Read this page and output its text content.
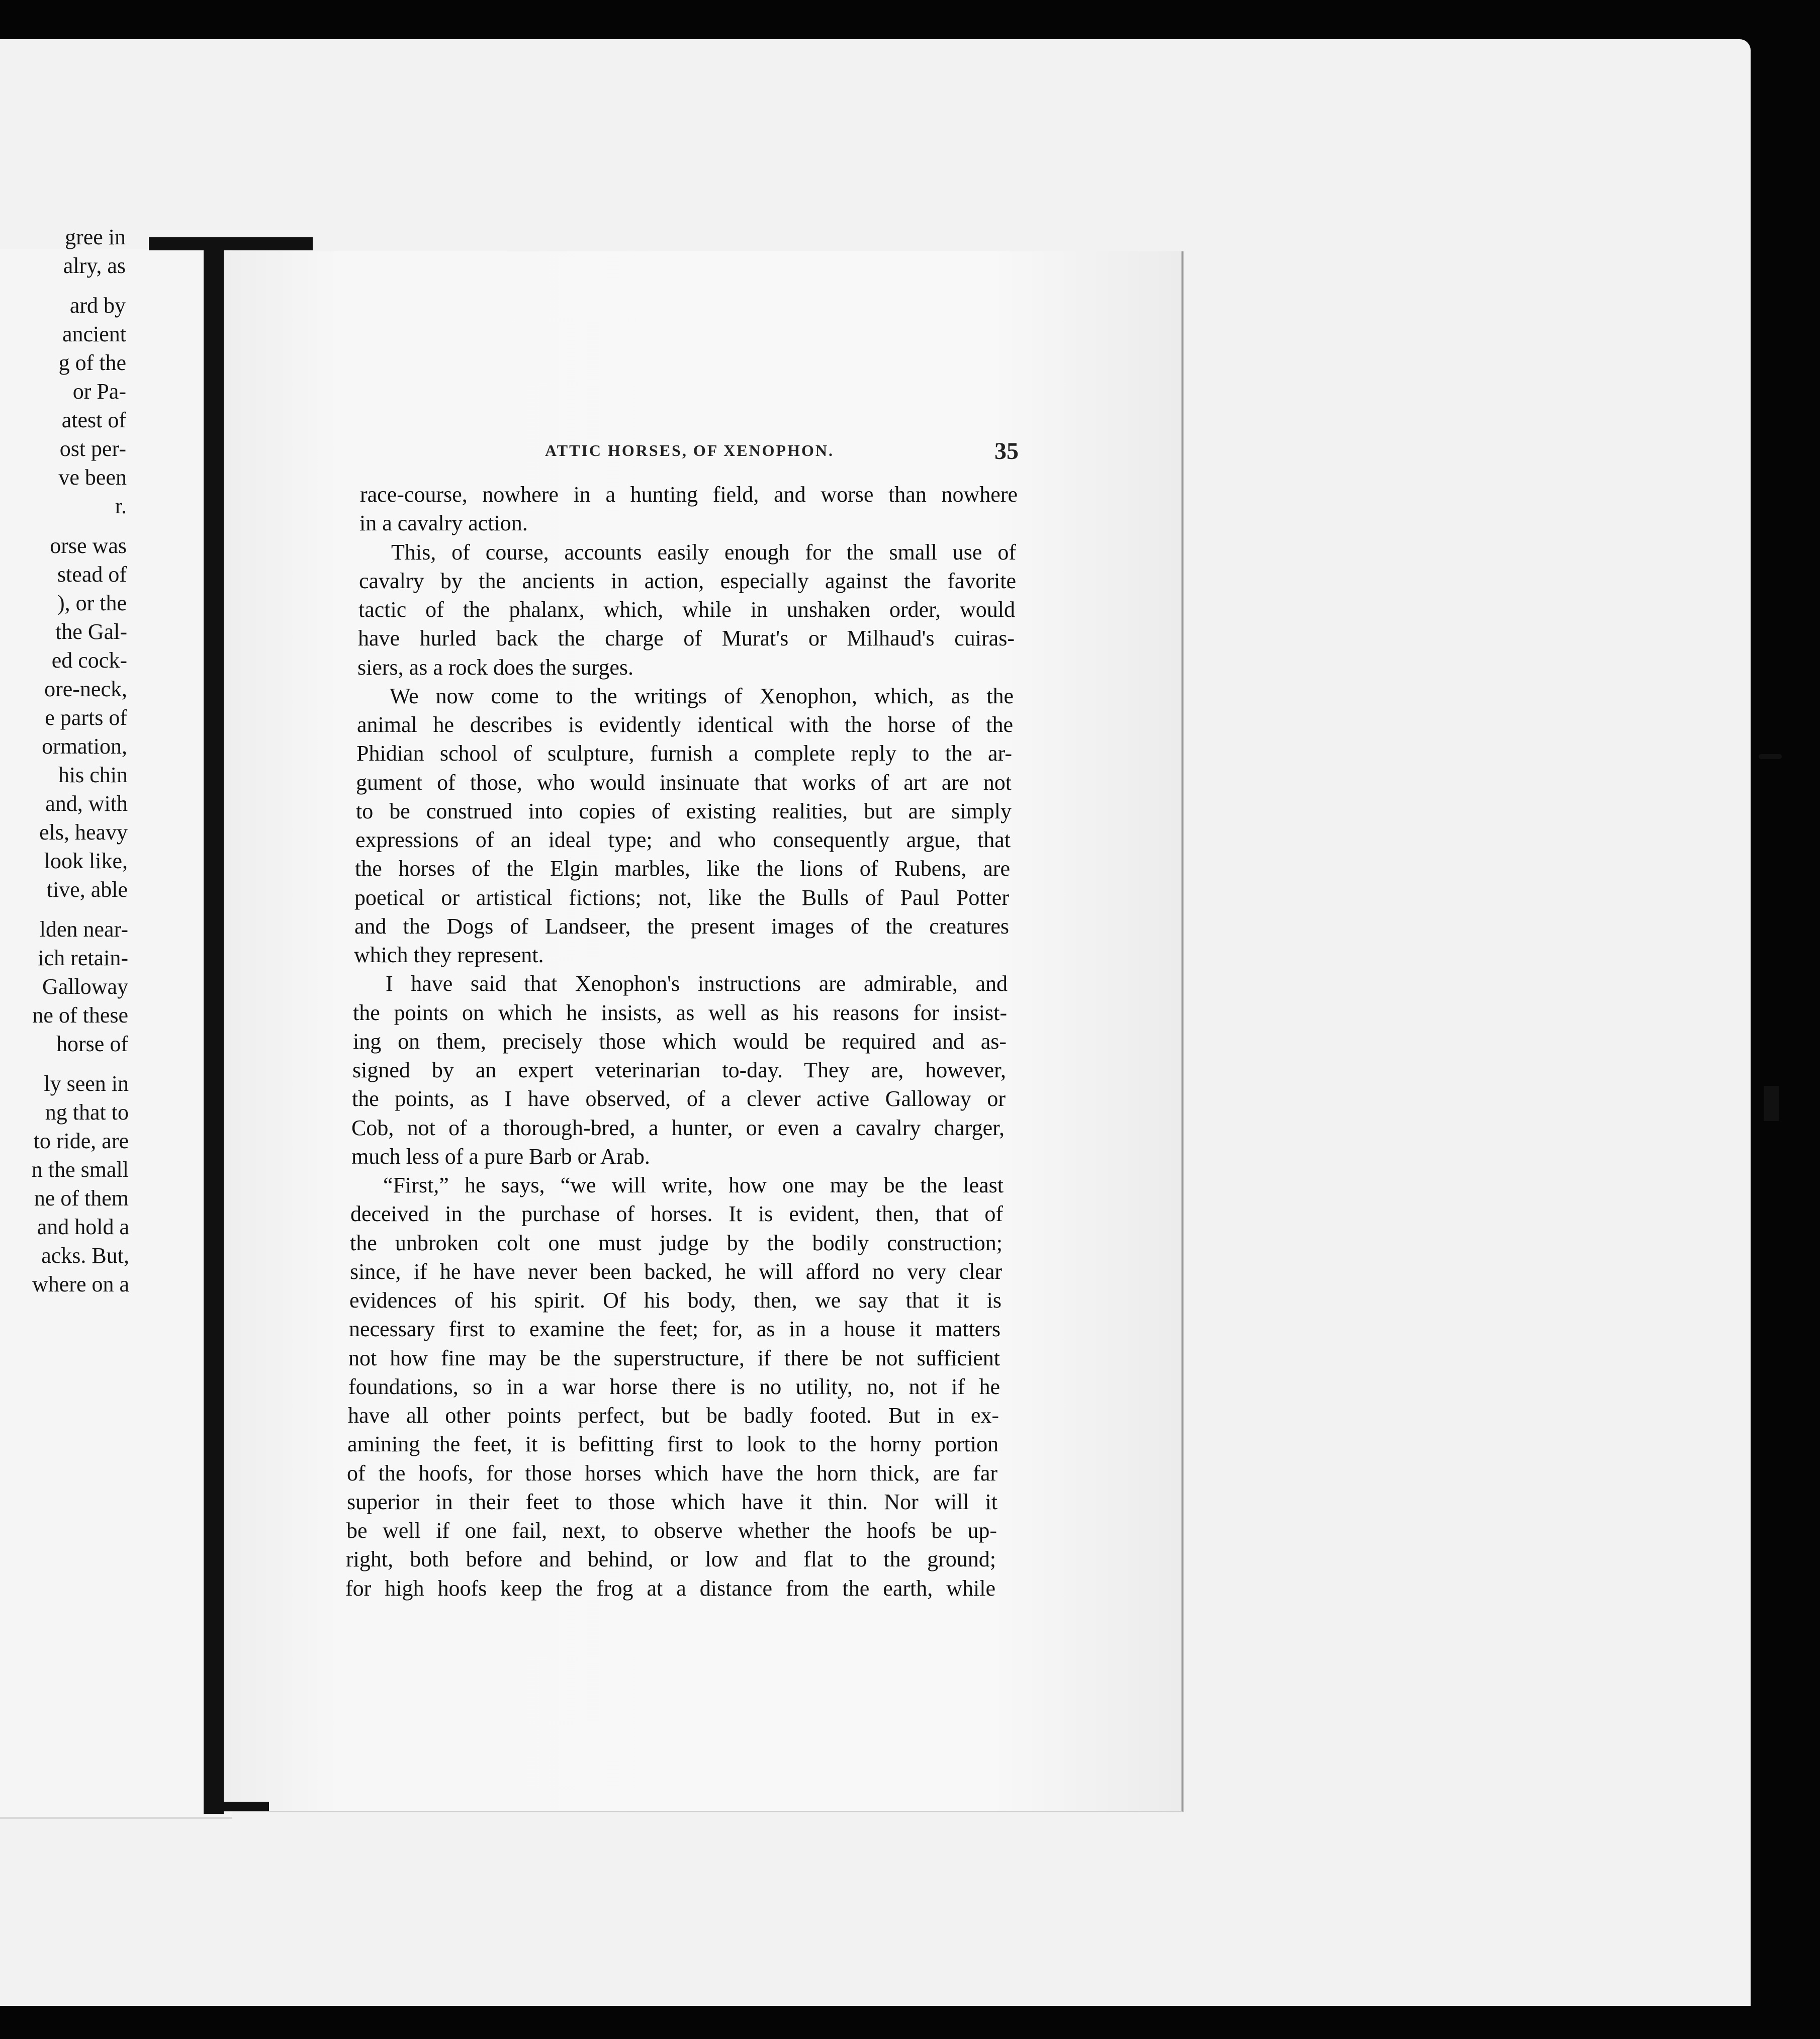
gree in
alry, as
ard by
ancient
g of the
or Pa-
atest of
ost per-
ve been
r.
orse was
stead of
), or the
the Gal-
ed cock-
ore-neck,
e parts of
ormation,
his chin
and, with
els, heavy
look like,
tive, able
lden near-
ich retain-
Galloway
ne of these
horse of
ly seen in
ng that to
to ride, are
n the small
ne of them
and hold a
acks. But,
where on a
ATTIC HORSES, OF XENOPHON.	35
race-course, nowhere in a hunting field, and worse than nowhere
in a cavalry action.
This, of course, accounts easily enough for the small use of
cavalry by the ancients in action, especially against the favorite
tactic of the phalanx, which, while in unshaken order, would
have hurled back the charge of Murat's or Milhaud's cuiras-
siers, as a rock does the surges.
We now come to the writings of Xenophon, which, as the
animal he describes is evidently identical with the horse of the
Phidian school of sculpture, furnish a complete reply to the ar-
gument of those, who would insinuate that works of art are not
to be construed into copies of existing realities, but are simply
expressions of an ideal type; and who consequently argue, that
the horses of the Elgin marbles, like the lions of Rubens, are
poetical or artistical fictions; not, like the Bulls of Paul Potter
and the Dogs of Landseer, the present images of the creatures
which they represent.
I have said that Xenophon's instructions are admirable, and
the points on which he insists, as well as his reasons for insist-
ing on them, precisely those which would be required and as-
signed by an expert veterinarian to-day. They are, however,
the points, as I have observed, of a clever active Galloway or
Cob, not of a thorough-bred, a hunter, or even a cavalry charger,
much less of a pure Barb or Arab.
“First,” he says, “we will write, how one may be the least
deceived in the purchase of horses. It is evident, then, that of
the unbroken colt one must judge by the bodily construction;
since, if he have never been backed, he will afford no very clear
evidences of his spirit. Of his body, then, we say that it is
necessary first to examine the feet; for, as in a house it matters
not how fine may be the superstructure, if there be not sufficient
foundations, so in a war horse there is no utility, no, not if he
have all other points perfect, but be badly footed. But in ex-
amining the feet, it is befitting first to look to the horny portion
of the hoofs, for those horses which have the horn thick, are far
superior in their feet to those which have it thin. Nor will it
be well if one fail, next, to observe whether the hoofs be up-
right, both before and behind, or low and flat to the ground;
for high hoofs keep the frog at a distance from the earth, while
